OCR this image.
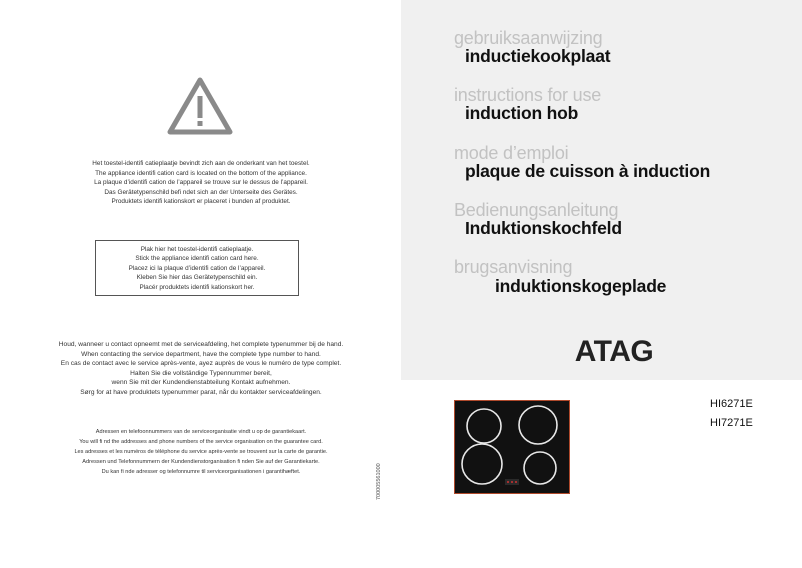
Het toestel-identifi catieplaatje bevindt zich aan de onderkant van het toestel.
The appliance identifi cation card is located on the bottom of the appliance.
La plaque d’identifi cation de l’appareil se trouve sur le dessus de l’appareil.
Das Gerätetypenschild befi ndet sich an der Unterseite des Gerätes.
Produktets identifi kationskort er placeret i bunden af produktet.
Plak hier het toestel-identifi catieplaatje.
Stick the appliance identifi cation card here.
Placez ici la plaque d’identifi cation de l’appareil.
Kleben Sie hier das Gerätetypenschild ein.
Placér produktets identifi kationskort her.
Houd, wanneer u contact opneemt met de serviceafdeling, het complete typenummer bij de hand.
When contacting the service department, have the complete type number to hand.
En cas de contact avec le service après-vente, ayez auprès de vous le numéro de type complet.
Halten Sie die vollständige Typennummer bereit,
wenn Sie mit der Kundendienstabteilung Kontakt aufnehmen.
Sørg for at have produktets typenummer parat, når du kontakter serviceafdelingen.
Adressen en telefoonnummers van de serviceorganisatie vindt u op de garantiekaart.
You will fi nd the addresses and phone numbers of the service organisation on the guarantee card.
Les adresses et les numéros de téléphone du service après-vente se trouvent sur la carte de garantie.
Adressen und Telefonnummern der Kundendienstorganisation fi nden Sie auf der Garantiekarte.
Du kan fi nde adresser og telefonnumre til serviceorganisationen i garantihæftet.	700005561000
gebruiksaanwijzing
inductiekookplaat
instructions for use
induction hob
mode d’emploi
plaque de cuisson à induction
Bedienungsanleitung
Induktionskochfeld
brugsanvisning
induktionskogeplade
ATAG
HI6271E
HI7271E
